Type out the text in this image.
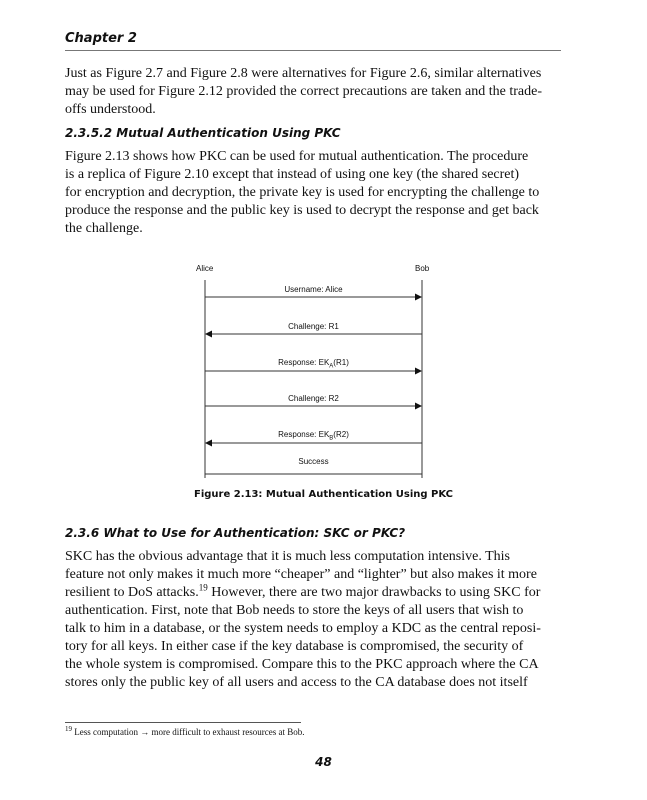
Chapter 2
Just as Figure 2.7 and Figure 2.8 were alternatives for Figure 2.6, similar alternatives
may be used for Figure 2.12 provided the correct precautions are taken and the trade-
offs understood.
2.3.5.2 Mutual Authentication Using PKC
Figure 2.13 shows how PKC can be used for mutual authentication. The procedure
is a replica of Figure 2.10 except that instead of using one key (the shared secret)
for encryption and decryption, the private key is used for encrypting the challenge to
produce the response and the public key is used to decrypt the response and get back
the challenge.
Alice	Bob
Username: Alice
Challenge: R1
Response: $EK_A(R1)$
Challenge: R2
Response: $EK_B(R2)$
Success
Figure 2.13: Mutual Authentication Using PKC
2.3.6 What to Use for Authentication: SKC or PKC?
SKC has the obvious advantage that it is much less computation intensive. This
feature not only makes it much more “cheaper” and “lighter” but also makes it more
resilient to DoS attacks.$^{19}$ However, there are two major drawbacks to using SKC for
authentication. First, note that Bob needs to store the keys of all users that wish to
talk to him in a database, or the system needs to employ a KDC as the central reposi-
tory for all keys. In either case if the key database is compromised, the security of
the whole system is compromised. Compare this to the PKC approach where the CA
stores only the public key of all users and access to the CA database does not itself
$^{19}$ Less computation → more difficult to exhaust resources at Bob.
48
